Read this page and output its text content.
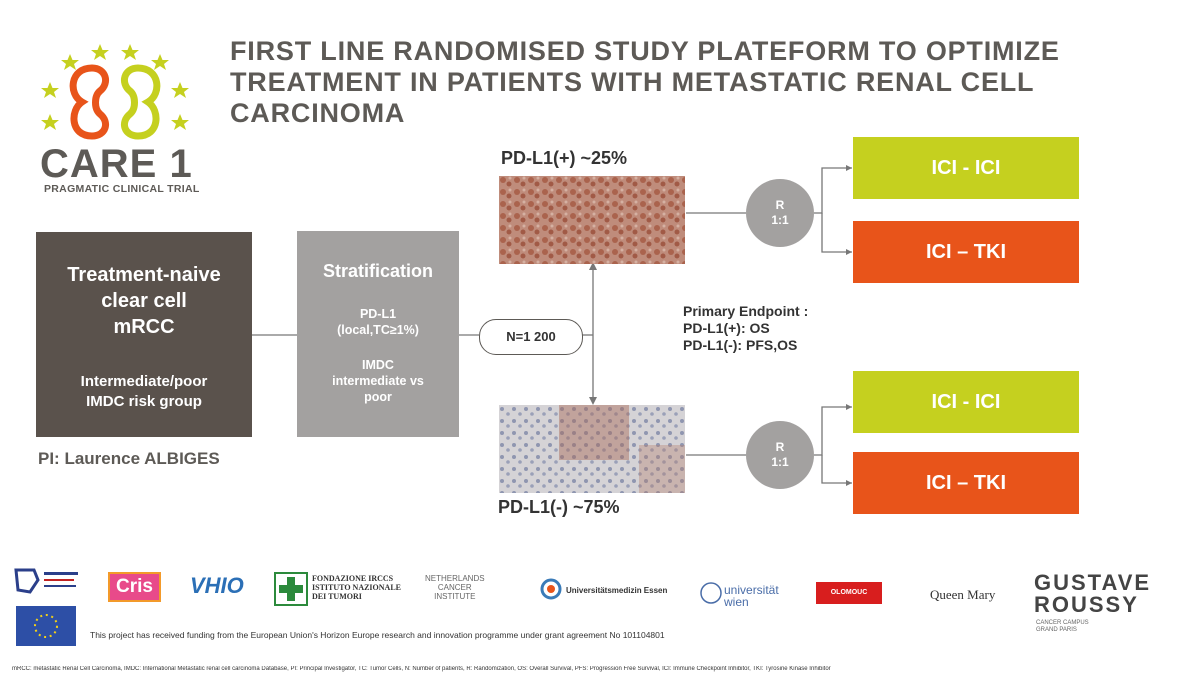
CARE 1
PRAGMATIC CLINICAL TRIAL
FIRST LINE RANDOMISED STUDY PLATEFORM TO OPTIMIZE
TREATMENT IN PATIENTS WITH METASTATIC RENAL CELL
CARCINOMA
Treatment-naive
clear cell
mRCC
Intermediate/poor
IMDC risk group
PI: Laurence ALBIGES
Stratification
PD-L1
(local,TC≥1%)
IMDC
intermediate vs
poor
N=1 200
PD-L1(+) ~25%
PD-L1(-) ~75%
R
1:1
R
1:1
ICI - ICI
ICI – TKI
ICI - ICI
ICI – TKI
Primary Endpoint :
PD-L1(+): OS
PD-L1(-): PFS,OS
Cris	VHIO	FONDAZIONE IRCCS
ISTITUTO NAZIONALE
DEI TUMORI
NETHERLANDS
CANCER
INSTITUTE
Universitätsmedizin Essen	universität
wien
OLOMOUC	Queen Mary GUSTAVE
ROUSSY
CANCER CAMPUS
GRAND PARIS
This project has received funding from the European Union's Horizon Europe research and innovation programme under grant agreement No 101104801
mRCC: metastatic Renal Cell Carcinoma, IMDC: International Metastatic renal cell carcinoma Database, PI: Principal Investigator, TC: Tumor Cells, N: Number of patients, R: Randomization, OS: Overall Survival, PFS: Progression Free Survival, ICI: Immune Checkpoint Inhibitor, TKI: Tyrosine Kinase Inhibitor
